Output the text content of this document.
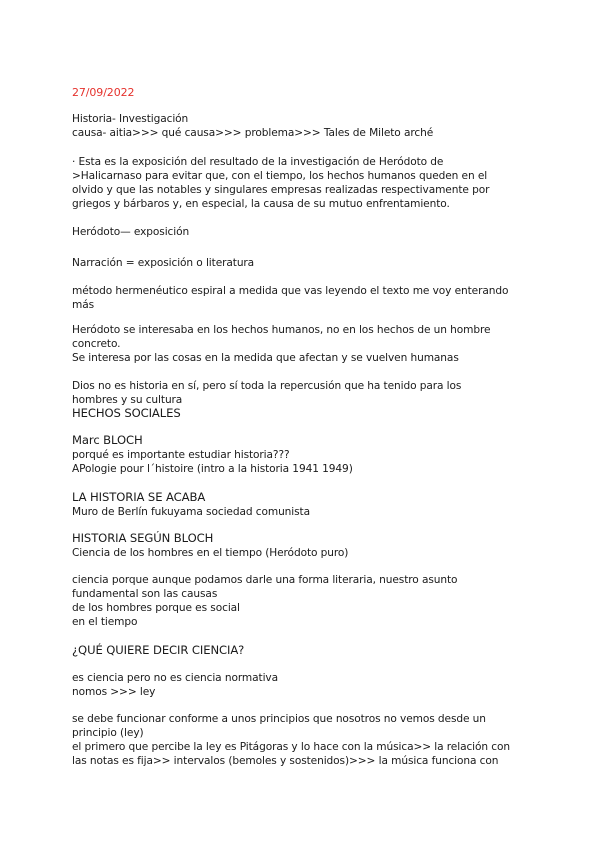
27/09/2022
Historia- Investigación
causa- aitia>>> qué causa>>> problema>>> Tales de Mileto arché
· Esta es la exposición del resultado de la investigación de Heródoto de
>Halicarnaso para evitar que, con el tiempo, los hechos humanos queden en el
olvido y que las notables y singulares empresas realizadas respectivamente por
griegos y bárbaros y, en especial, la causa de su mutuo enfrentamiento.
Heródoto— exposición
Narración = exposición o literatura
método hermenéutico espiral a medida que vas leyendo el texto me voy enterando
más
Heródoto se interesaba en los hechos humanos, no en los hechos de un hombre
concreto.
Se interesa por las cosas en la medida que afectan y se vuelven humanas
Dios no es historia en sí, pero sí toda la repercusión que ha tenido para los
hombres y su cultura
HECHOS SOCIALES
Marc BLOCH
porqué es importante estudiar historia???
APologie pour l´histoire (intro a la historia 1941 1949)
LA HISTORIA SE ACABA
Muro de Berlín fukuyama sociedad comunista
HISTORIA SEGÚN BLOCH
Ciencia de los hombres en el tiempo (Heródoto puro)
ciencia porque aunque podamos darle una forma literaria, nuestro asunto
fundamental son las causas
de los hombres porque es social
en el tiempo
¿QUÉ QUIERE DECIR CIENCIA?
es ciencia pero no es ciencia normativa
nomos >>> ley
se debe funcionar conforme a unos principios que nosotros no vemos desde un
principio (ley)
el primero que percibe la ley es Pitágoras y lo hace con la música>> la relación con
las notas es fija>> intervalos (bemoles y sostenidos)>>> la música funciona con
